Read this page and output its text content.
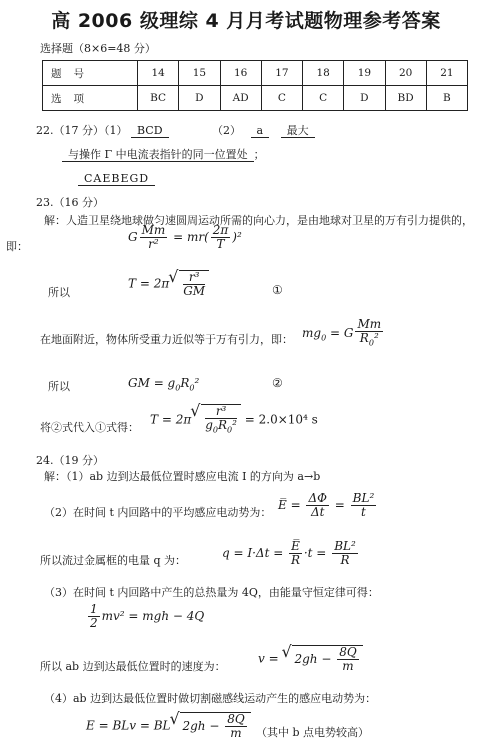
高 2006 级理综 4 月月考试题物理参考答案
选择题（8×6=48 分）
题号	14	15	16	17	18	19	20	21
选项	BC	D	AD	C	C	D	BD	B
22.（17 分）（1） BCD	（2） a 最大
与操作 Γ 中电流表指针的同一位置处 ；
CAEBEGD
23.（16 分）
解：人造卫星绕地球做匀速圆周运动所需的向心力，是由地球对卫星的万有引力提供的，
即：
G $\frac{Mm}{\text{r²}} = mr( \frac{2\pi}{T} )^2$
所以
T = 2π √ $\frac{\text{r³}}{GM}$	①
在地面附近，物体所受重力近似等于万有引力，即： $mg_0 = G \frac{Mm}{R_0^2}$
所以	GM = $g_0R_0^2$	②
将②式代入①式得：
T = 2π √ $\frac{\text{r³}}{g_0R_0^2} = 2.0\times 10^4$ s
24.（19 分）
解：（1）ab 边到达最低位置时感应电流 I 的方向为 a→b
（2）在时间 t 内回路中的平均感应电动势为：
E̅ = $\frac{\Delta\Phi}{\Delta t} = \frac{\text{BL²}}{t}$
所以流过金属框的电量 q 为：
$q = I\cdot\Delta t = \frac{E̅}{R} \cdot t = \frac{\text{BL²}}{R}$
（3）在时间 t 内回路中产生的总热量为 4Q，由能量守恒定律可得：
$\frac{1}{2} mv^2$ = mgh − 4Q
所以 ab 边到达最低位置时的速度为：
v = √ $2gh - \frac{8Q}{m}$
（4）ab 边到达最低位置时做切割磁感线运动产生的感应电动势为：
E = BLv = BL √ $2gh - \frac{8Q}{m}$ （其中 b 点电势较高）
